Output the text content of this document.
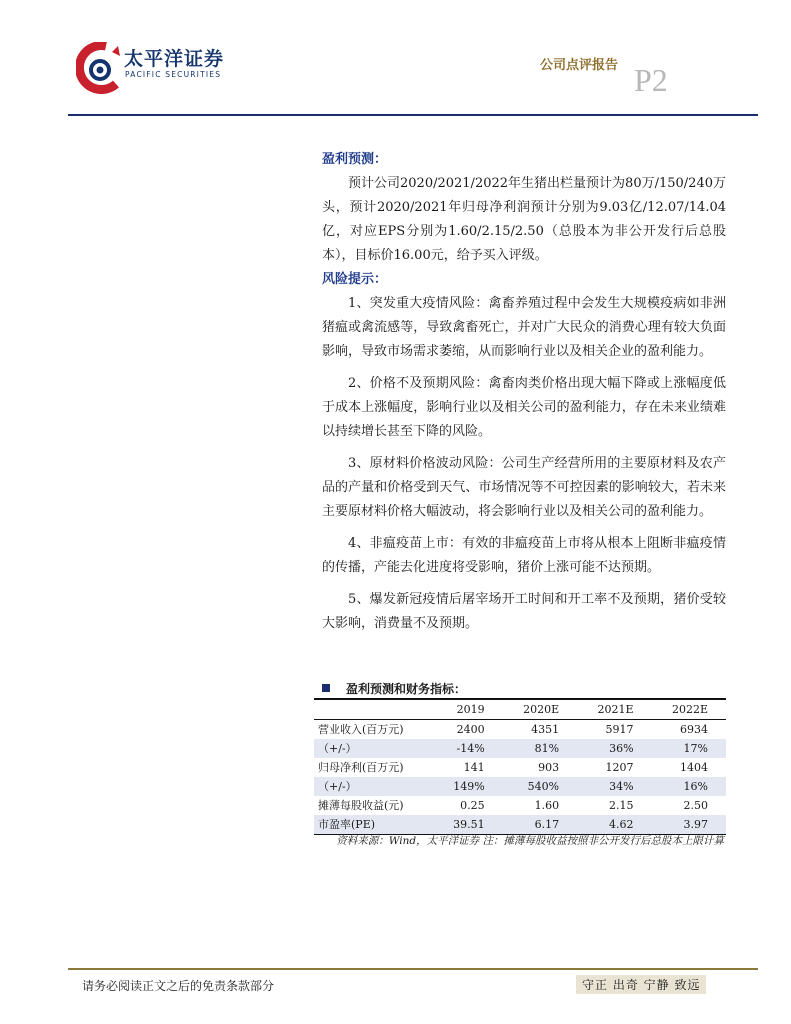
太平洋证券
PACIFIC SECURITIES
公司点评报告 P2

盈利预测：

预计公司2020/2021/2022年生猪出栏量预计为80万/150/240万头，预计2020/2021年归母净利润预计分别为9.03亿/12.07/14.04亿，对应EPS分别为1.60/2.15/2.50（总股本为非公开发行后总股本），目标价16.00元，给予买入评级。

风险提示：

1、突发重大疫情风险：禽畜养殖过程中会发生大规模疫病如非洲猪瘟或禽流感等，导致禽畜死亡，并对广大民众的消费心理有较大负面影响，导致市场需求萎缩，从而影响行业以及相关企业的盈利能力。

2、价格不及预期风险：禽畜肉类价格出现大幅下降或上涨幅度低于成本上涨幅度，影响行业以及相关公司的盈利能力，存在未来业绩难以持续增长甚至下降的风险。

3、原材料价格波动风险：公司生产经营所用的主要原材料及农产品的产量和价格受到天气、市场情况等不可控因素的影响较大，若未来主要原材料价格大幅波动，将会影响行业以及相关公司的盈利能力。

4、非瘟疫苗上市：有效的非瘟疫苗上市将从根本上阻断非瘟疫情的传播，产能去化进度将受影响，猪价上涨可能不达预期。

5、爆发新冠疫情后屠宰场开工时间和开工率不及预期，猪价受较大影响，消费量不及预期。

盈利预测和财务指标：
	2019	2020E	2021E	2022E
营业收入(百万元)	2400	4351	5917	6934
（+/-）	-14%	81%	36%	17%
归母净利(百万元)	141	903	1207	1404
（+/-）	149%	540%	34%	16%
摊薄每股收益(元)	0.25	1.60	2.15	2.50
市盈率(PE)	39.51	6.17	4.62	3.97
资料来源：Wind，太平洋证券 注：摊薄每股收益按照非公开发行后总股本上限计算
请务必阅读正文之后的免责条款部分	守正 出奇 宁静 致远
